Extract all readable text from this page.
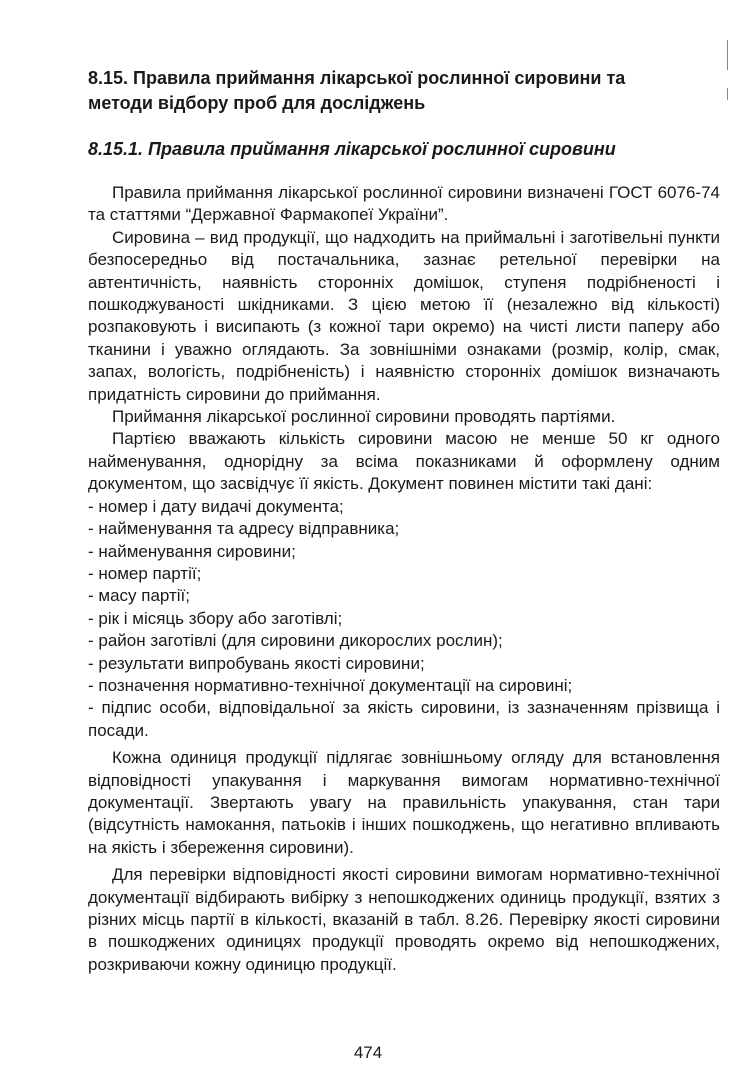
8.15. Правила приймання лікарської рослинної сировини та методи відбору проб для досліджень
8.15.1. Правила приймання лікарської рослинної сировини

Правила приймання лікарської рослинної сировини визначені ГОСТ 6076-74 та статтями “Державної Фармакопеї України”.

Сировина – вид продукції, що надходить на приймальні і заготівельні пункти безпосередньо від постачальника, зазнає ретельної перевірки на автентичність, наявність сторонніх домішок, ступеня подрібненості і пошкоджуваності шкідниками. З цією метою її (незалежно від кількості) розпаковують і висипають (з кожної тари окремо) на чисті листи паперу або тканини і уважно оглядають. За зовнішніми ознаками (розмір, колір, смак, запах, вологість, подрібненість) і наявністю сторонніх домішок визначають придатність сировини до приймання.

Приймання лікарської рослинної сировини проводять партіями.

Партією вважають кількість сировини масою не менше 50 кг одного найменування, однорідну за всіма показниками й оформлену одним документом, що засвідчує її якість. Документ повинен містити такі дані:

- номер і дату видачі документа;
- найменування та адресу відправника;
- найменування сировини;
- номер партії;
- масу партії;
- рік і місяць збору або заготівлі;
- район заготівлі (для сировини дикорослих рослин);
- результати випробувань якості сировини;
- позначення нормативно-технічної документації на сировині;
- підпис особи, відповідальної за якість сировини, із зазначенням прізвища і посади.

Кожна одиниця продукції підлягає зовнішньому огляду для встановлення відповідності упакування і маркування вимогам нормативно-технічної документації. Звертають увагу на правильність упакування, стан тари (відсутність намокання, патьоків і інших пошкоджень, що негативно впливають на якість і збереження сировини).

Для перевірки відповідності якості сировини вимогам нормативно-технічної документації відбирають вибірку з непошкоджених одиниць продукції, взятих з різних місць партії в кількості, вказаній в табл. 8.26. Перевірку якості сировини в пошкоджених одиницях продукції проводять окремо від непошкоджених, розкриваючи кожну одиницю продукції.

474
